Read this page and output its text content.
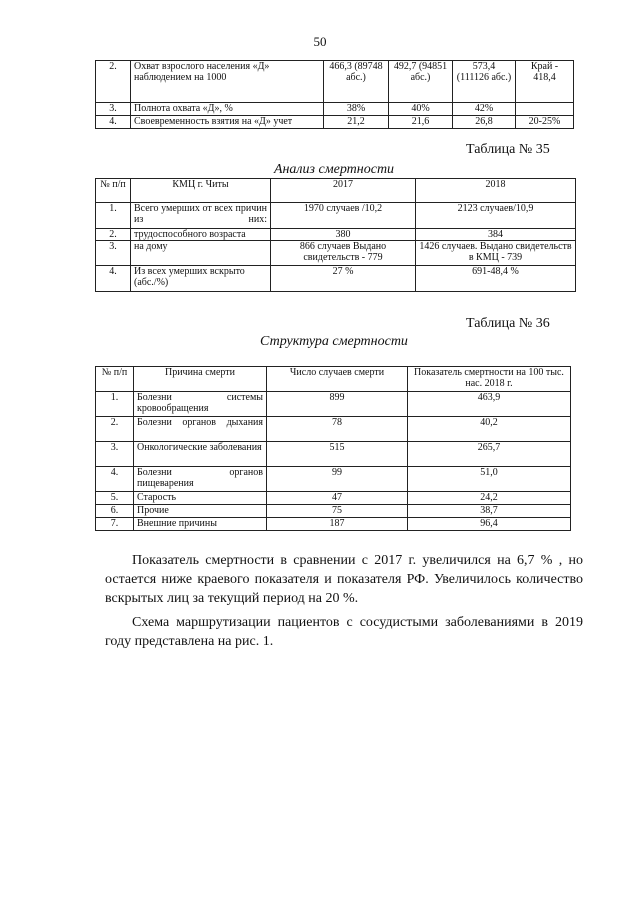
50
2.	Охват взрослого населения «Д» наблюдением на 1000	466,3 (89748 абс.)	492,7 (94851 абс.)	573,4 (111126 абс.)	Край - 418,4
3.	Полнота охвата «Д», %	38%	40%	42%	
4.	Своевременность взятия на «Д» учет	21,2	21,6	26,8	20-25%
Таблица № 35
Анализ смертности
№ п/п	КМЦ г. Читы	2017	2018
1.	Всего умерших от всех причин из них:	1970 случаев /10,2	2123 случаев/10,9
2.	трудоспособного возраста	380	384
3.	на дому	866 случаев Выдано свидетельств - 779	1426 случаев. Выдано свидетельств в КМЦ - 739
4.	Из всех умерших вскрыто (абс./%)	27 %	691-48,4 %
Таблица № 36
Структура смертности
№ п/п	Причина смерти	Число случаев смерти	Показатель смертности на 100 тыс. нас. 2018 г.
1.	Болезни системы кровообращения	899	463,9
2.	Болезни органов дыхания	78	40,2
3.	Онкологические заболевания	515	265,7
4.	Болезни органов пищеварения	99	51,0
5.	Старость	47	24,2
6.	Прочие	75	38,7
7.	Внешние причины	187	96,4

Показатель смертности в сравнении с 2017 г. увеличился на 6,7 % , но остается ниже краевого показателя и показателя РФ. Увеличилось количество вскрытых лиц за текущий период на 20 %.

Схема маршрутизации пациентов с сосудистыми заболеваниями в 2019 году представлена на рис. 1.
